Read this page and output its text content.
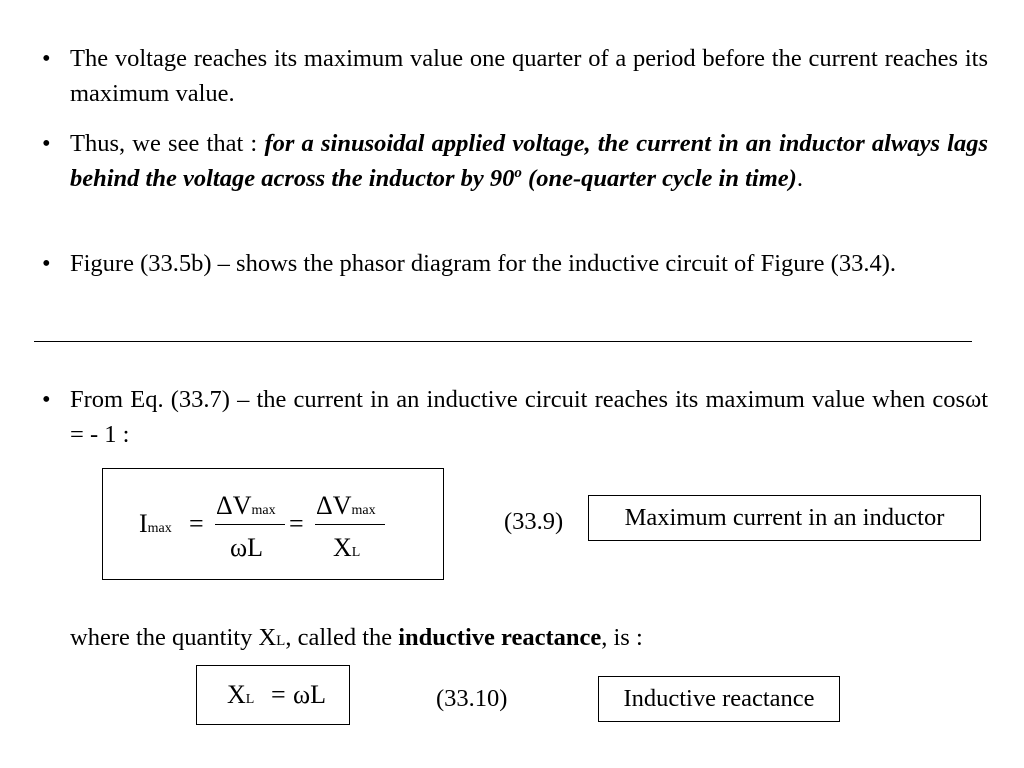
• The voltage reaches its maximum value one quarter of a period before the current reaches its maximum value.
• Thus, we see that : for a sinusoidal applied voltage, the current in an inductor always lags behind the voltage across the inductor by 90$^o$ (one-quarter cycle in time).
• Figure (33.5b) – shows the phasor diagram for the inductive circuit of Figure (33.4).
• From Eq. (33.7) – the current in an inductive circuit reaches its maximum value when cosωt = - 1 :
Imax =
ΔVmax
ωL
=
ΔVmax
XL
(33.9)	Maximum current in an inductor
where the quantity XL, called the inductive reactance, is :
XL = ωL	(33.10)	Inductive reactance
